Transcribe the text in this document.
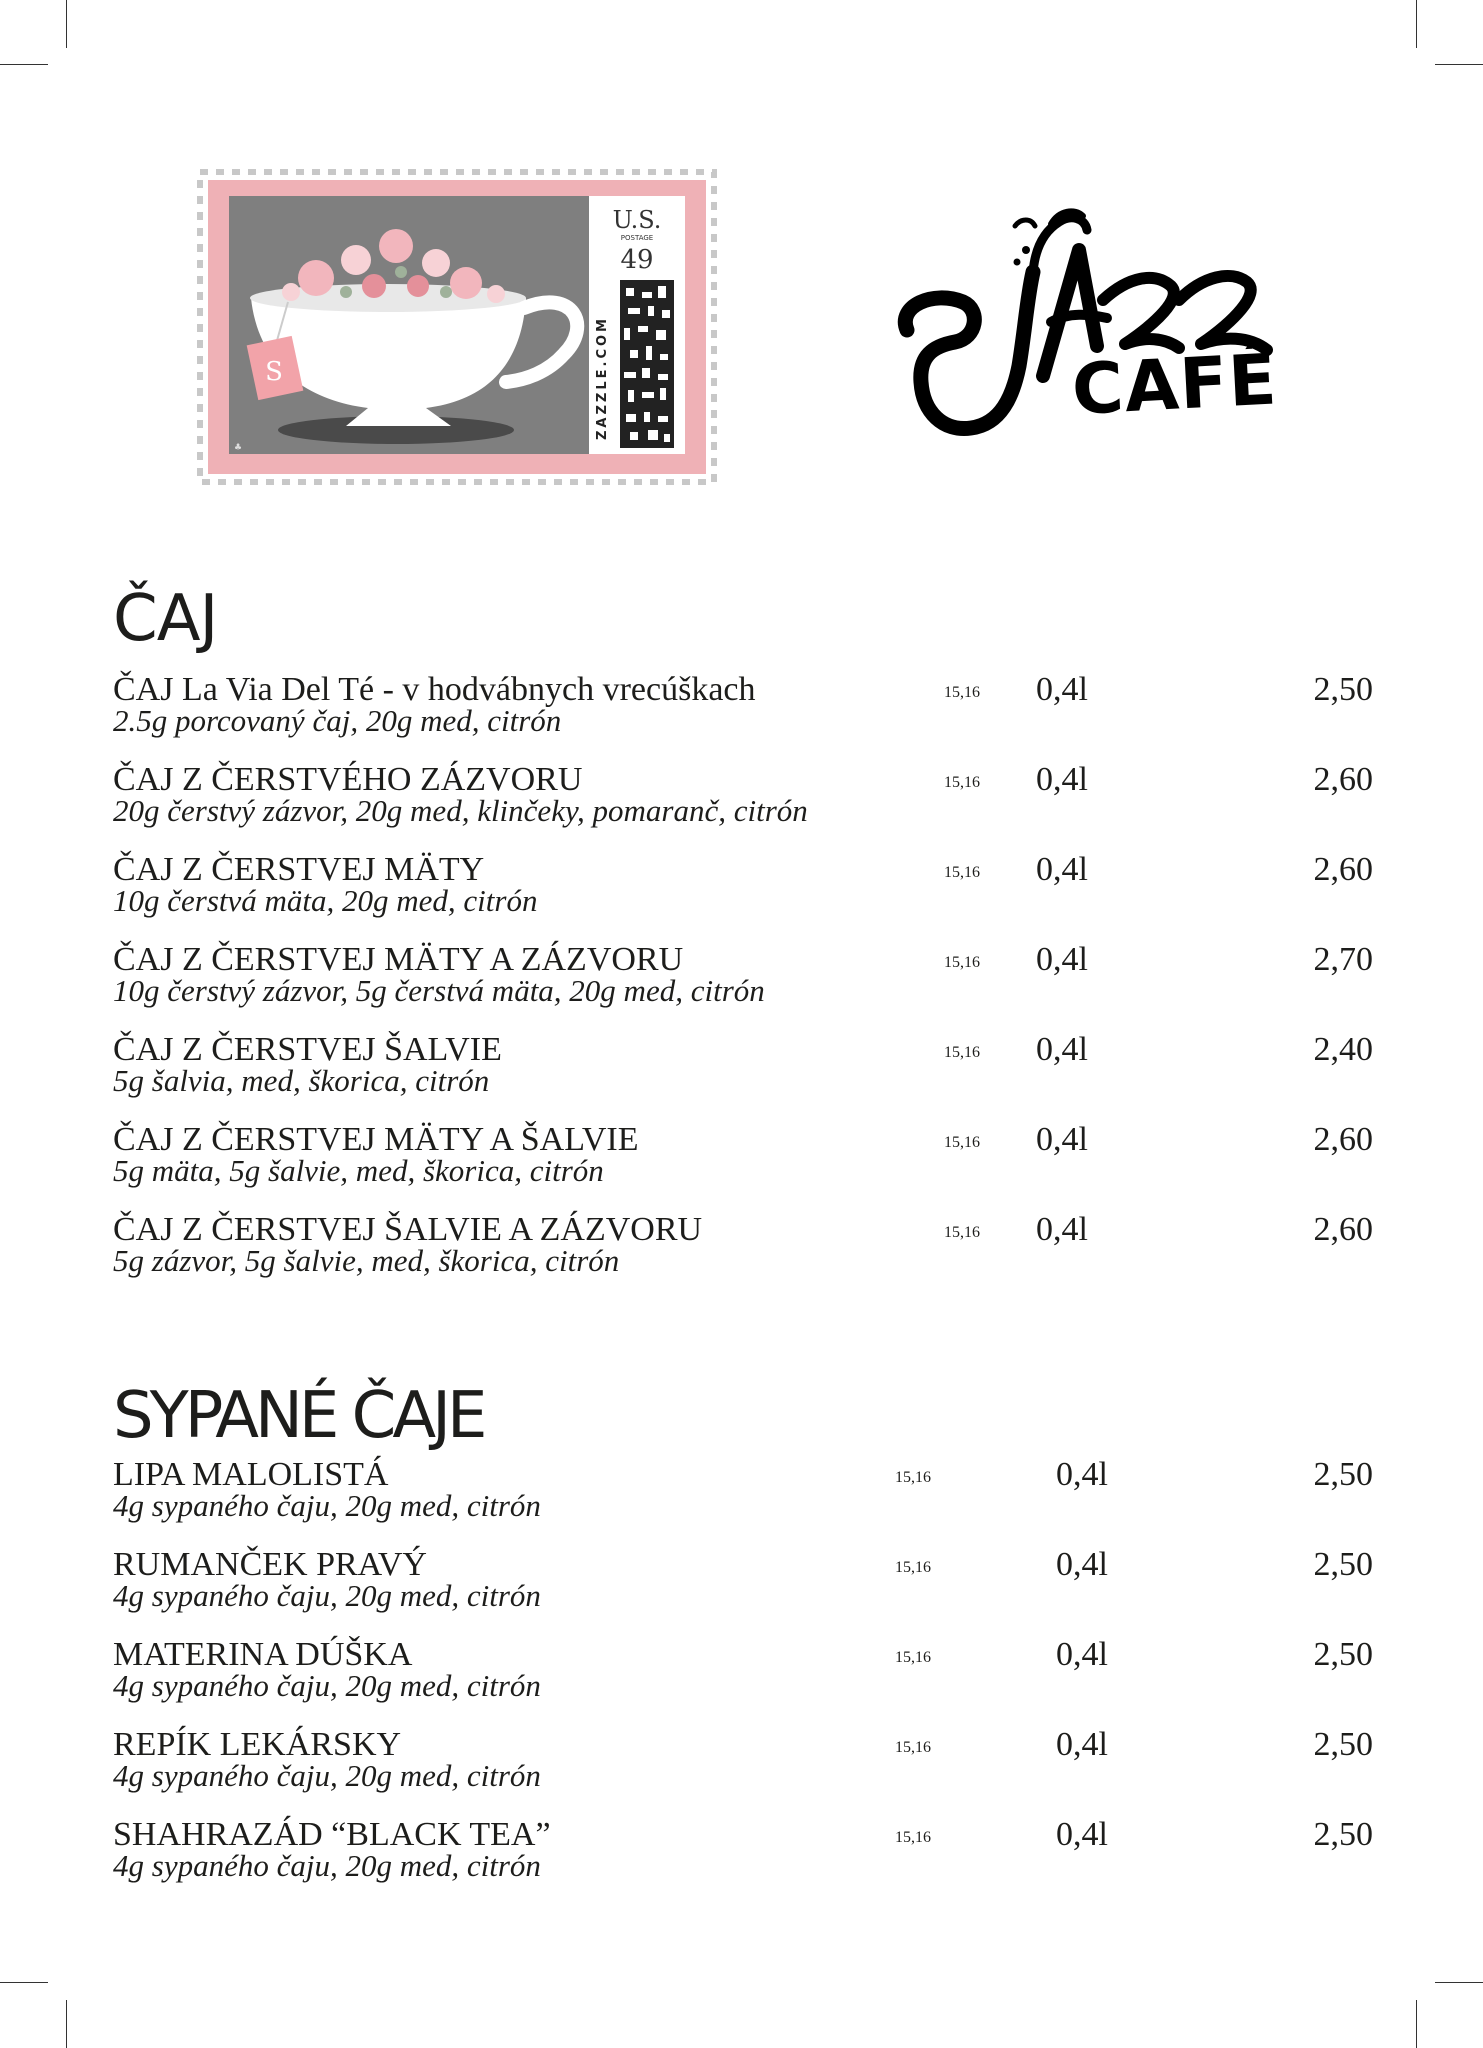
S
U.S.
POSTAGE
49
ZAZZLE.COM
♣
CAFÉ
ČAJ
ČAJ La Via Del Té - v hodvábnych vrecúškach
2.5g porcovaný čaj, 20g med, citrón
15,16 0,4l	2,50
ČAJ Z ČERSTVÉHO ZÁZVORU
20g čerstvý zázvor, 20g med, klinčeky, pomaranč, citrón
15,16 0,4l	2,60
ČAJ Z ČERSTVEJ MÄTY
10g čerstvá mäta, 20g med, citrón
15,16 0,4l	2,60
ČAJ Z ČERSTVEJ MÄTY A ZÁZVORU
10g čerstvý zázvor, 5g čerstvá mäta, 20g med, citrón
15,16 0,4l	2,70
ČAJ Z ČERSTVEJ ŠALVIE
5g šalvia, med, škorica, citrón
15,16 0,4l	2,40
ČAJ Z ČERSTVEJ MÄTY A ŠALVIE
5g mäta, 5g šalvie, med, škorica, citrón
15,16 0,4l	2,60
ČAJ Z ČERSTVEJ ŠALVIE A ZÁZVORU
5g zázvor, 5g šalvie, med, škorica, citrón
15,16 0,4l	2,60
SYPANÉ ČAJE
LIPA MALOLISTÁ
4g sypaného čaju, 20g med, citrón
15,16	0,4l	2,50
RUMANČEK PRAVÝ
4g sypaného čaju, 20g med, citrón
15,16	0,4l	2,50
MATERINA DÚŠKA
4g sypaného čaju, 20g med, citrón
15,16	0,4l	2,50
REPÍK LEKÁRSKY
4g sypaného čaju, 20g med, citrón
15,16	0,4l	2,50
SHAHRAZÁD “BLACK TEA”
4g sypaného čaju, 20g med, citrón
15,16	0,4l	2,50
